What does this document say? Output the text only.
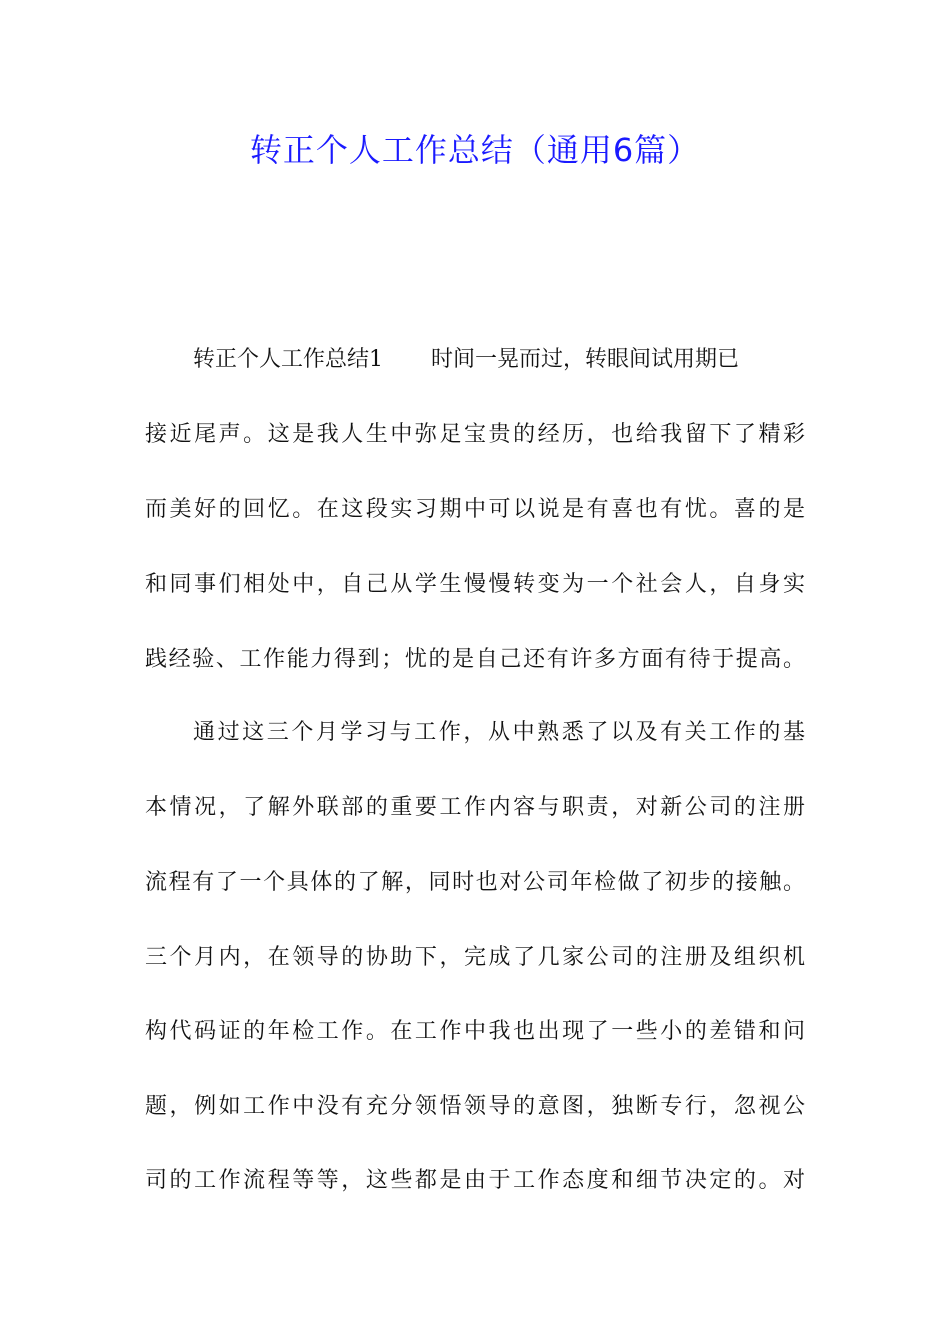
转正个人工作总结（通用6篇）
转正个人工作总结1 时间一晃而过，转眼间试用期已
接近尾声。这是我人生中弥足宝贵的经历，也给我留下了精彩
而美好的回忆。在这段实习期中可以说是有喜也有忧。喜的是
和同事们相处中，自己从学生慢慢转变为一个社会人，自身实
践经验、工作能力得到；忧的是自己还有许多方面有待于提高。
通过这三个月学习与工作，从中熟悉了以及有关工作的基
本情况，了解外联部的重要工作内容与职责，对新公司的注册
流程有了一个具体的了解，同时也对公司年检做了初步的接触。
三个月内，在领导的协助下，完成了几家公司的注册及组织机
构代码证的年检工作。在工作中我也出现了一些小的差错和问
题，例如工作中没有充分领悟领导的意图，独断专行，忽视公
司的工作流程等等，这些都是由于工作态度和细节决定的。对
